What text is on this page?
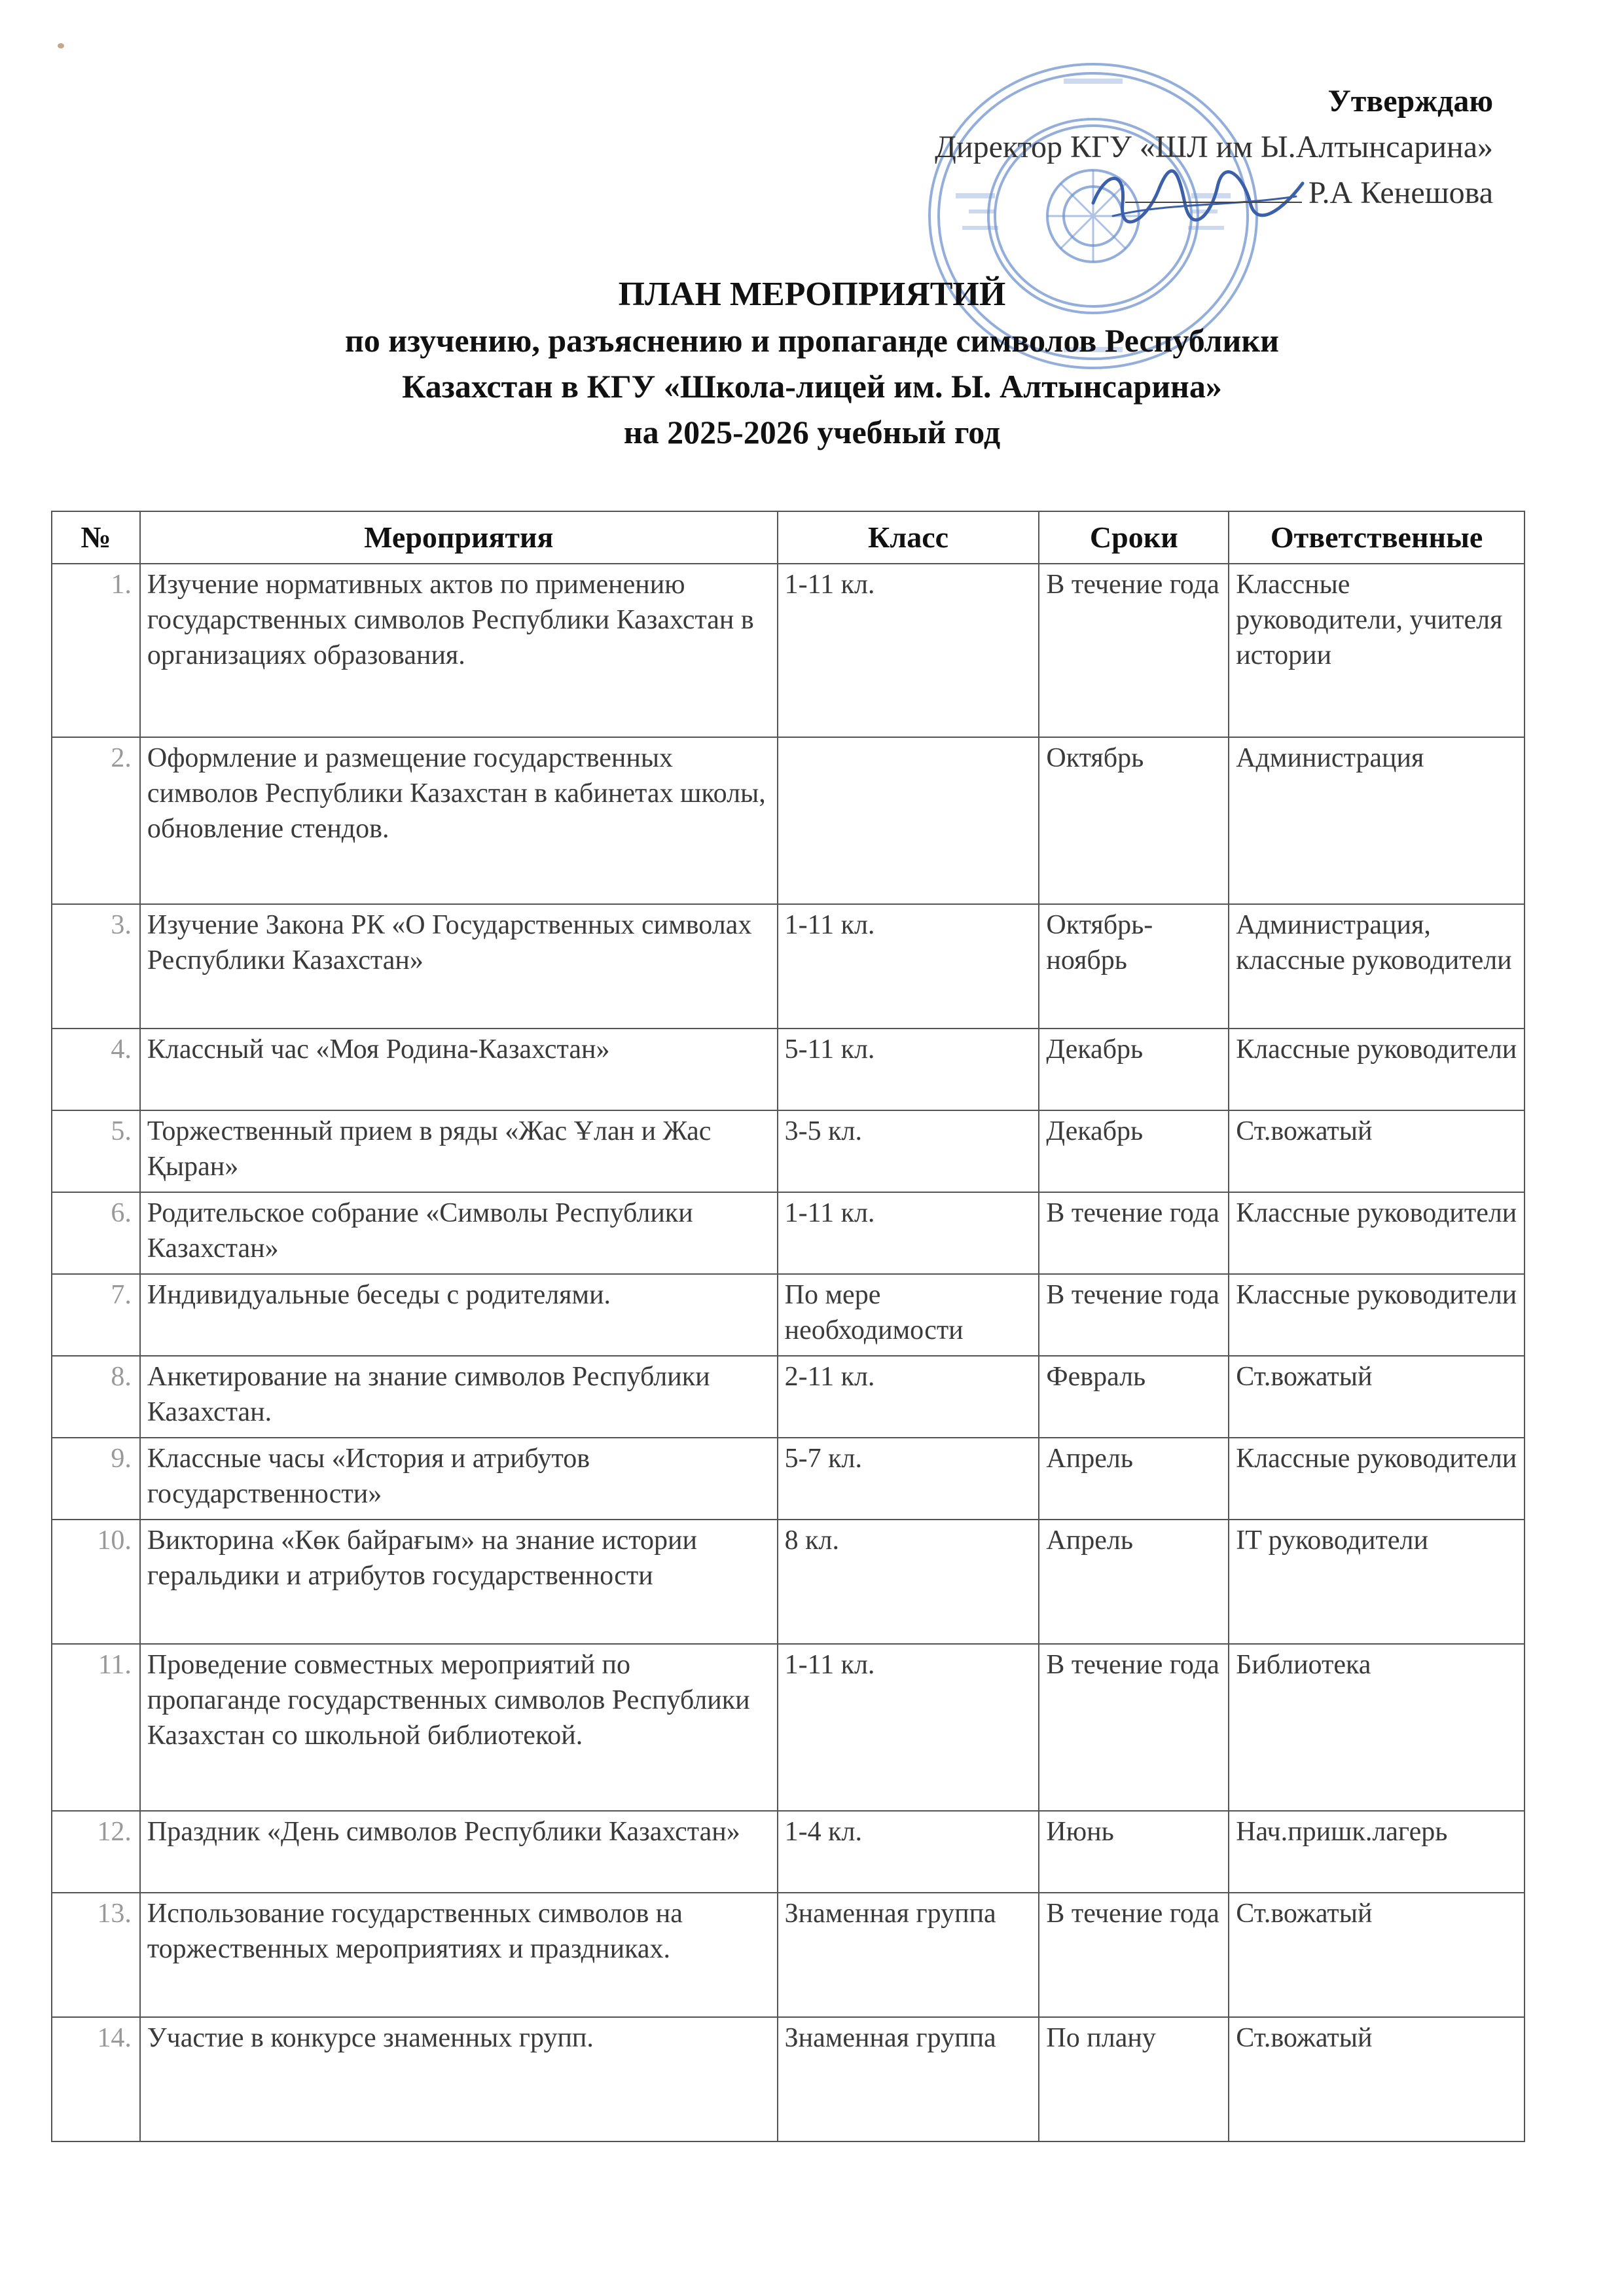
Утверждаю
Директор КГУ «ШЛ им Ы.Алтынсарина»
Р.А Кенешова
ПЛАН МЕРОПРИЯТИЙ
по изучению, разъяснению и пропаганде символов Республики
Казахстан в КГУ «Школа-лицей им. Ы. Алтынсарина»
на 2025-2026 учебный год
№	Мероприятия	Класс	Сроки	Ответственные
1.	Изучение нормативных актов по применению государственных символов Республики Казахстан в организациях образования.	1-11 кл.	В течение года	Классные руководители, учителя истории
2.	Оформление и размещение государственных символов Республики Казахстан в кабинетах школы, обновление стендов.		Октябрь	Администрация
3.	Изучение Закона РК «О Государственных символах Республики Казахстан»	1-11 кл.	Октябрь-ноябрь	Администрация, классные руководители
4.	Классный час «Моя Родина-Казахстан»	5-11 кл.	Декабрь	Классные руководители
5.	Торжественный прием в ряды «Жас Ұлан и Жас Қыран»	3-5 кл.	Декабрь	Ст.вожатый
6.	Родительское собрание «Символы Республики Казахстан»	1-11 кл.	В течение года	Классные руководители
7.	Индивидуальные беседы с родителями.	По мере необходимости	В течение года	Классные руководители
8.	Анкетирование на знание символов Республики Казахстан.	2-11 кл.	Февраль	Ст.вожатый
9.	Классные часы «История и атрибутов государственности»	5-7 кл.	Апрель	Классные руководители
10.	Викторина «Көк байрағым» на знание истории геральдики и атрибутов государственности	8 кл.	Апрель	IT руководители
11.	Проведение совместных мероприятий по пропаганде государственных символов Республики Казахстан со школьной библиотекой.	1-11 кл.	В течение года	Библиотека
12.	Праздник «День символов Республики Казахстан»	1-4 кл.	Июнь	Нач.пришк.лагерь
13.	Использование государственных символов на торжественных мероприятиях и праздниках.	Знаменная группа	В течение года	Ст.вожатый
14.	Участие в конкурсе знаменных групп.	Знаменная группа	По плану	Ст.вожатый
